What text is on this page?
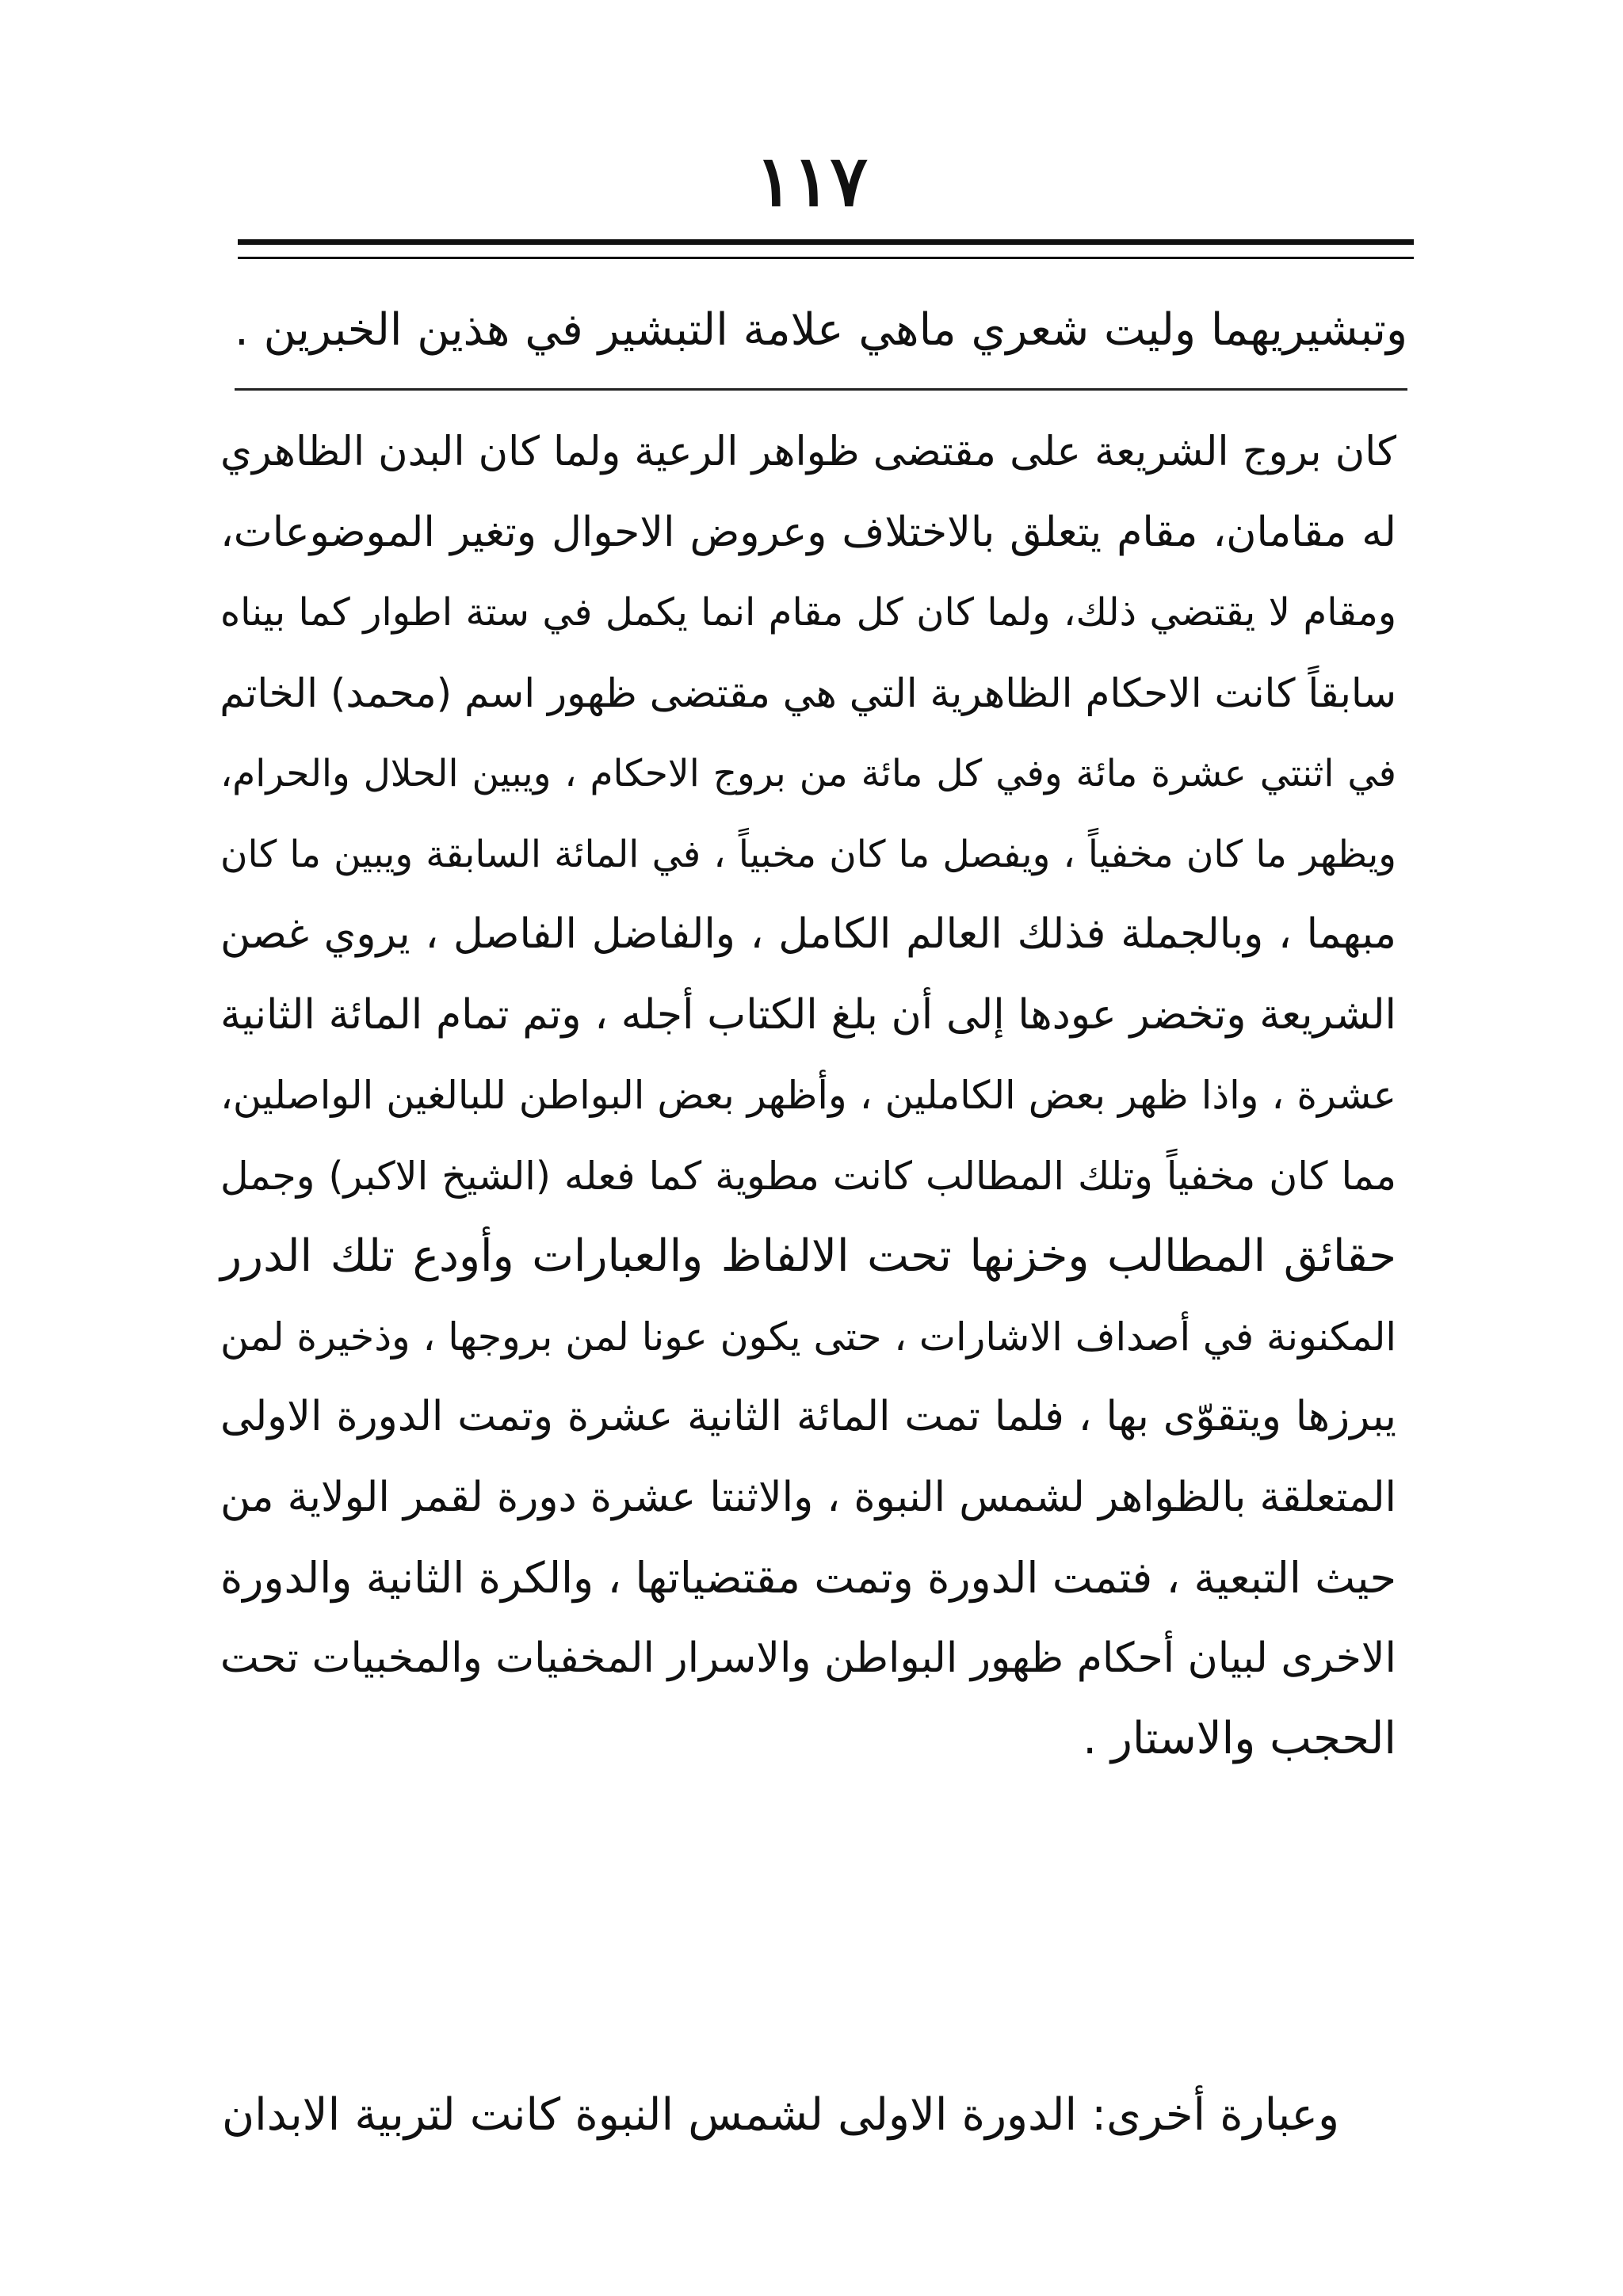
١١٧
وتبشيريهما وليت شعري ماهي علامة التبشير في هذين الخبرين .
كان بروج الشريعة على مقتضى ظواهر الرعية ولما كان البدن الظاهري
له مقامان، مقام يتعلق بالاختلاف وعروض الاحوال وتغير الموضوعات،
ومقام لا يقتضي ذلك، ولما كان كل مقام انما يكمل في ستة اطوار كما بيناه
سابقاً كانت الاحكام الظاهرية التي هي مقتضى ظهور اسم (محمد) الخاتم
في اثنتي عشرة مائة وفي كل مائة من بروج الاحكام ، ويبين الحلال والحرام،
ويظهر ما كان مخفياً ، ويفصل ما كان مخبياً ، في المائة السابقة ويبين ما كان
مبهما ، وبالجملة فذلك العالم الكامل ، والفاضل الفاصل ، يروي غصن
الشريعة وتخضر عودها إلى أن بلغ الكتاب أجله ، وتم تمام المائة الثانية
عشرة ، واذا ظهر بعض الكاملين ، وأظهر بعض البواطن للبالغين الواصلين،
مما كان مخفياً وتلك المطالب كانت مطوية كما فعله (الشيخ الاكبر) وجمل
حقائق المطالب وخزنها تحت الالفاظ والعبارات وأودع تلك الدرر
المكنونة في أصداف الاشارات ، حتى يكون عونا لمن بروجها ، وذخيرة لمن
يبرزها ويتقوّى بها ، فلما تمت المائة الثانية عشرة وتمت الدورة الاولى
المتعلقة بالظواهر لشمس النبوة ، والاثنتا عشرة دورة لقمر الولاية من
حيث التبعية ، فتمت الدورة وتمت مقتضياتها ، والكرة الثانية والدورة
الاخرى لبيان أحكام ظهور البواطن والاسرار المخفيات والمخبيات تحت
الحجب والاستار .
وعبارة أخرى: الدورة الاولى لشمس النبوة كانت لتربية الابدان
